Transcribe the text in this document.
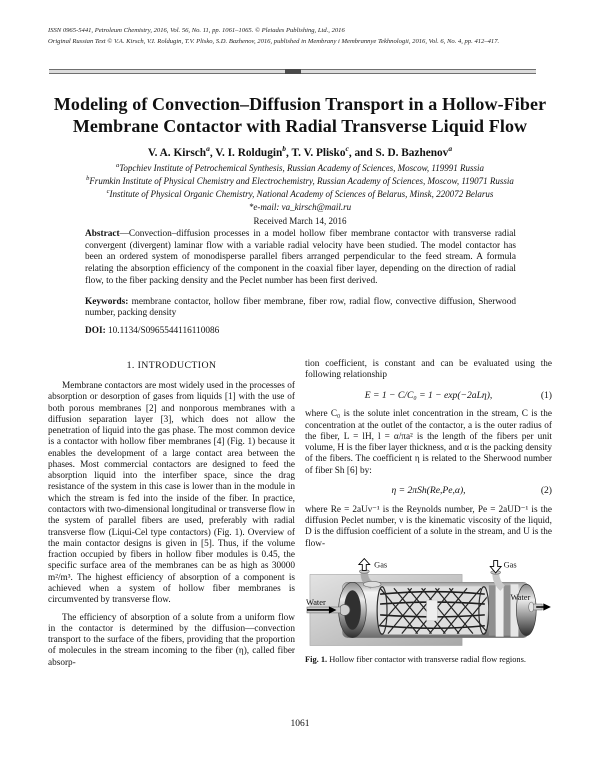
ISSN 0965-5441, Petroleum Chemistry, 2016, Vol. 56, No. 11, pp. 1061–1065. © Pleiades Publishing, Ltd., 2016
Original Russian Text © V.A. Kirsch, V.I. Roldugin, T.V. Plisko, S.D. Bazhenov, 2016, published in Membrany i Membrannye Tekhnologii, 2016, Vol. 6, No. 4, pp. 412–417.
Modeling of Convection–Diffusion Transport in a Hollow-Fiber
Membrane Contactor with Radial Transverse Liquid Flow
V. A. Kirsch$^a$, V. I. Roldugin$^b$, T. V. Plisko$^c$, and S. D. Bazhenov$^a$
$^a$Topchiev Institute of Petrochemical Synthesis, Russian Academy of Sciences, Moscow, 119991 Russia
$^b$Frumkin Institute of Physical Chemistry and Electrochemistry, Russian Academy of Sciences, Moscow, 119071 Russia
$^c$Institute of Physical Organic Chemistry, National Academy of Sciences of Belarus, Minsk, 220072 Belarus
*e-mail: va_kirsch@mail.ru
Received March 14, 2016

Abstract—Convection–diffusion processes in a model hollow fiber membrane contactor with transverse radial convergent (divergent) laminar flow with a variable radial velocity have been studied. The model contactor has been an ordered system of monodisperse parallel fibers arranged perpendicular to the feed stream. A formula relating the absorption efficiency of the component in the coaxial fiber layer, depending on the direction of radial flow, to the fiber packing density and the Peclet number has been first derived.

Keywords: membrane contactor, hollow fiber membrane, fiber row, radial flow, convective diffusion, Sherwood number, packing density

DOI: 10.1134/S0965544116110086

1. INTRODUCTION

Membrane contactors are most widely used in the processes of absorption or desorption of gases from liquids [1] with the use of both porous membranes [2] and nonporous membranes with a diffusion separation layer [3], which does not allow the penetration of liquid into the gas phase. The most common device is a contactor with hollow fiber membranes [4] (Fig. 1) because it enables the development of a large contact area between the phases. Most commercial contactors are designed to feed the absorption liquid into the interfiber space, since the drag resistance of the system in this case is lower than in the module in which the stream is fed into the inside of the fiber. In practice, contactors with two-dimensional longitudinal or transverse flow in the system of parallel fibers are used, preferably with radial transverse flow (Liqui-Cel type contactors) (Fig. 1). Overview of the main contactor designs is given in [5]. Thus, if the volume fraction occupied by fibers in hollow fiber modules is 0.45, the specific surface area of the membranes can be as high as 30000 m²/m³. The highest efficiency of absorption of a component is achieved when a system of hollow fiber membranes is circumvented by transverse flow.

The efficiency of absorption of a solute from a uniform flow in the contactor is determined by the diffusion—convection transport to the surface of the fibers, providing that the proportion of molecules in the stream incoming to the fiber (η), called fiber absorp-

tion coefficient, is constant and can be evaluated using the following relationship

E = 1 − C/C₀ = 1 − exp(−2aLη),	(1)

where C₀ is the solute inlet concentration in the stream, C is the concentration at the outlet of the contactor, a is the outer radius of the fiber, L = lH, l = α/πa² is the length of the fibers per unit volume, H is the fiber layer thickness, and α is the packing density of the fibers. The coefficient η is related to the Sherwood number of fiber Sh [6] by:

η = 2πSh(Re,Pe,α),	(2)

where Re = 2aUν⁻¹ is the Reynolds number, Pe = 2aUD⁻¹ is the diffusion Peclet number, ν is the kinematic viscosity of the liquid, D is the diffusion coefficient of a solute in the stream, and U is the flow-

Gas	Gas
Water
Water

Fig. 1. Hollow fiber contactor with transverse radial flow regions.

1061
